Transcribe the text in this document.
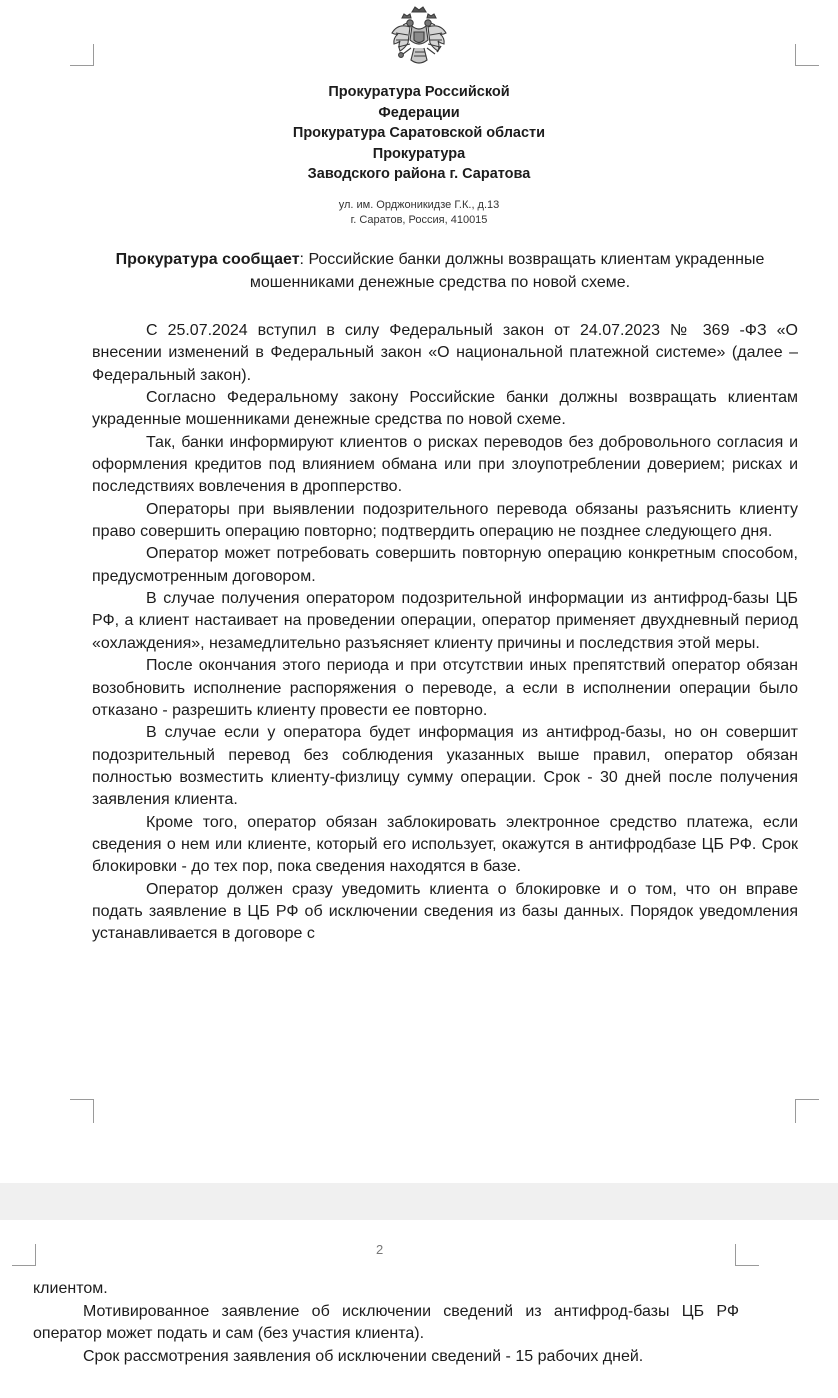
Прокуратура Российской
Федерации
Прокуратура Саратовской области
Прокуратура
Заводского района г. Саратова
ул. им. Орджоникидзе Г.К., д.13
г. Саратов, Россия, 410015
Прокуратура сообщает: Российские банки должны возвращать клиентам украденные мошенниками денежные средства по новой схеме.

С 25.07.2024 вступил в силу Федеральный закон от 24.07.2023 № 369 -ФЗ «О внесении изменений в Федеральный закон «О национальной платежной системе» (далее – Федеральный закон).

Согласно Федеральному закону Российские банки должны возвращать клиентам украденные мошенниками денежные средства по новой схеме.

Так, банки информируют клиентов о рисках переводов без добровольного согласия и оформления кредитов под влиянием обмана или при злоупотреблении доверием; рисках и последствиях вовлечения в дропперство.

Операторы при выявлении подозрительного перевода обязаны разъяснить клиенту право совершить операцию повторно; подтвердить операцию не позднее следующего дня.

Оператор может потребовать совершить повторную операцию конкретным способом, предусмотренным договором.

В случае получения оператором подозрительной информации из антифрод-базы ЦБ РФ, а клиент настаивает на проведении операции, оператор применяет двухдневный период «охлаждения», незамедлительно разъясняет клиенту причины и последствия этой меры.

После окончания этого периода и при отсутствии иных препятствий оператор обязан возобновить исполнение распоряжения о переводе, а если в исполнении операции было отказано - разрешить клиенту провести ее повторно.

В случае если у оператора будет информация из антифрод-базы, но он совершит подозрительный перевод без соблюдения указанных выше правил, оператор обязан полностью возместить клиенту-физлицу сумму операции. Срок - 30 дней после получения заявления клиента.

Кроме того, оператор обязан заблокировать электронное средство платежа, если сведения о нем или клиенте, который его использует, окажутся в антифродбазе ЦБ РФ. Срок блокировки - до тех пор, пока сведения находятся в базе.

Оператор должен сразу уведомить клиента о блокировке и о том, что он вправе подать заявление в ЦБ РФ об исключении сведения из базы данных. Порядок уведомления устанавливается в договоре с

2

клиентом.

Мотивированное заявление об исключении сведений из антифрод-базы ЦБ РФ оператор может подать и сам (без участия клиента).

Срок рассмотрения заявления об исключении сведений - 15 рабочих дней.
